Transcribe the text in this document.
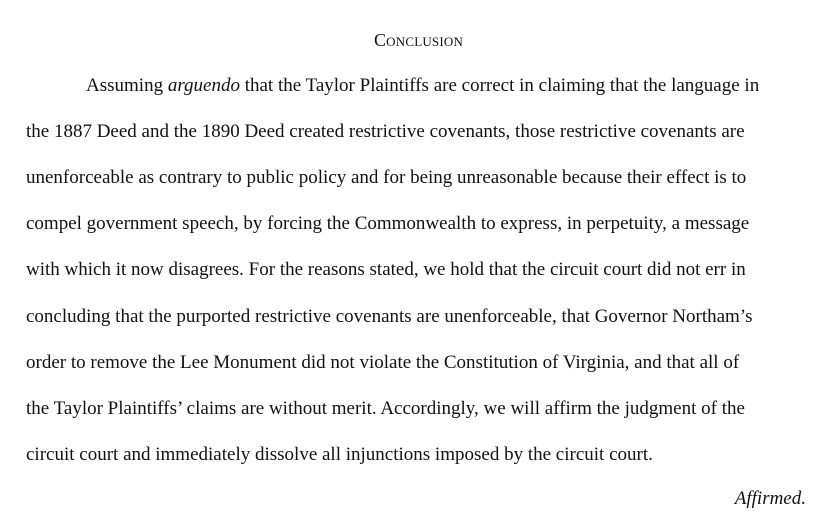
Conclusion
Assuming arguendo that the Taylor Plaintiffs are correct in claiming that the language in
the 1887 Deed and the 1890 Deed created restrictive covenants, those restrictive covenants are
unenforceable as contrary to public policy and for being unreasonable because their effect is to
compel government speech, by forcing the Commonwealth to express, in perpetuity, a message
with which it now disagrees. For the reasons stated, we hold that the circuit court did not err in
concluding that the purported restrictive covenants are unenforceable, that Governor Northam’s
order to remove the Lee Monument did not violate the Constitution of Virginia, and that all of
the Taylor Plaintiffs’ claims are without merit. Accordingly, we will affirm the judgment of the
circuit court and immediately dissolve all injunctions imposed by the circuit court.
Affirmed.
